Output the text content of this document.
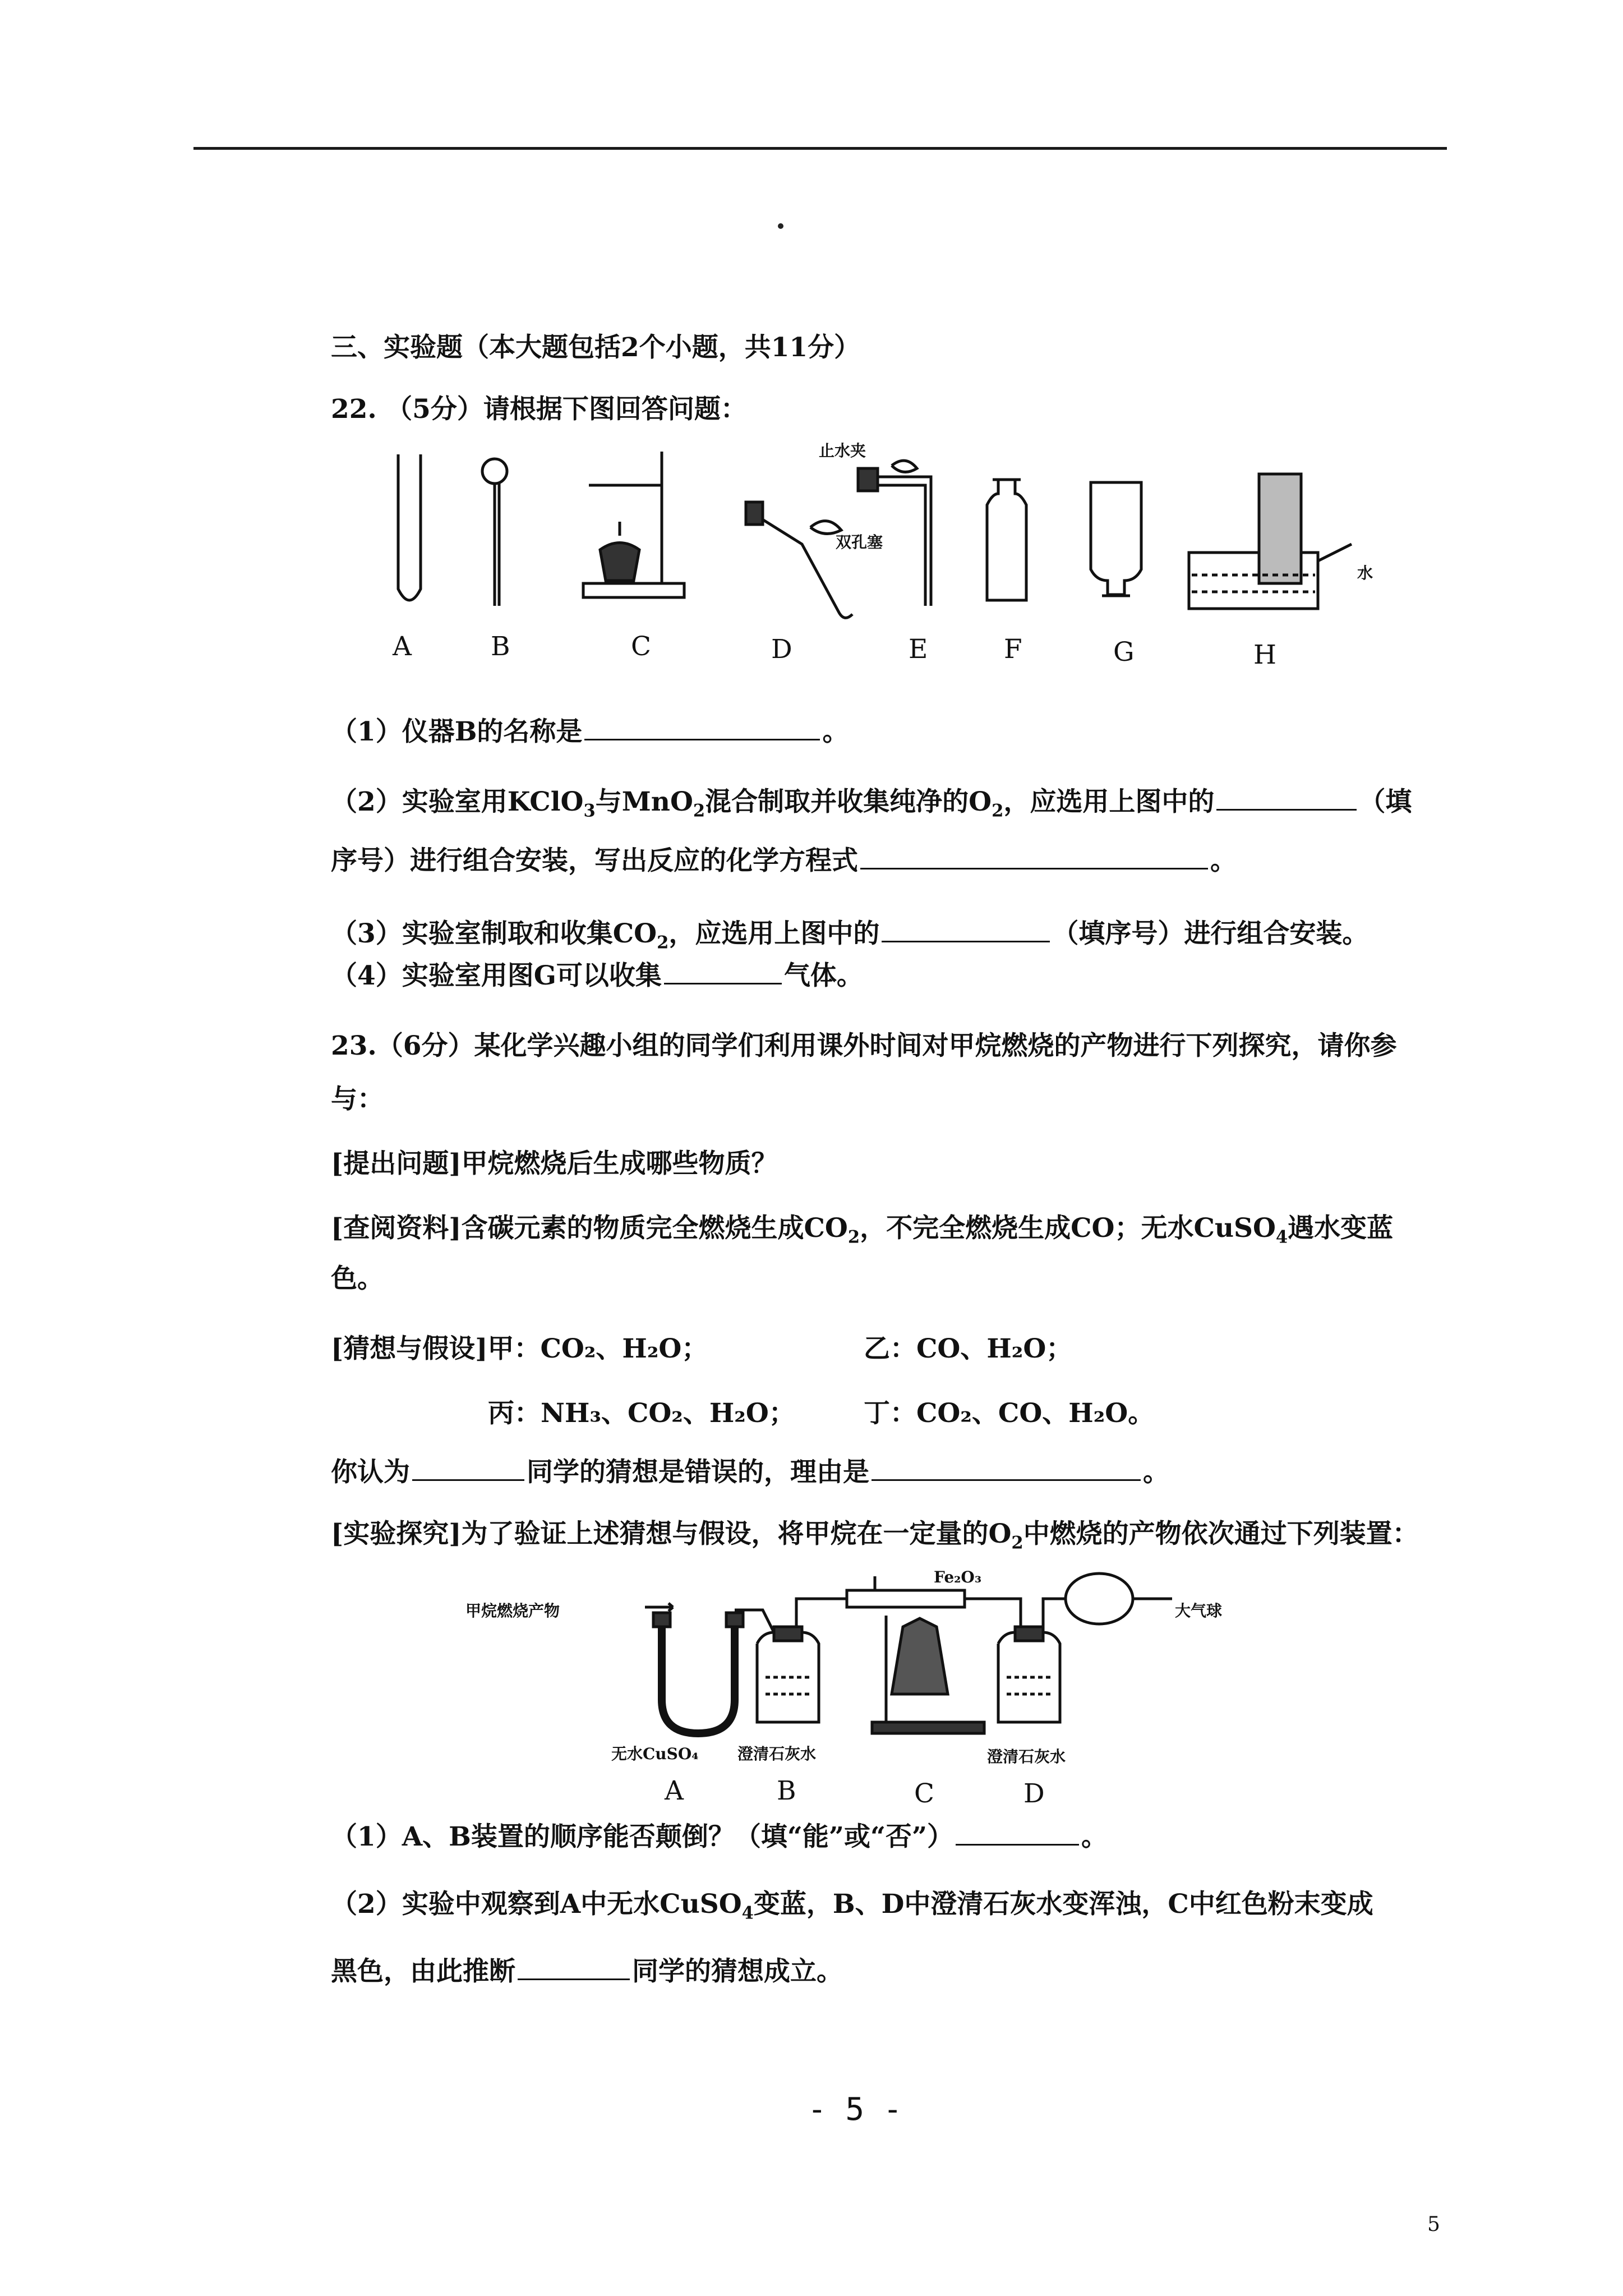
三、实验题（本大题包括2个小题，共11分）
22. （5分）请根据下图回答问题：
止水夹
双孔塞
水
A	B	C	D	E	F	G	H
（1）仪器B的名称是	。
（2）实验室用KClO$_3$与MnO$_2$混合制取并收集纯净的$O_2$，应选用上图中的	（填
序号）进行组合安装，写出反应的化学方程式	。
（3）实验室制取和收集$CO_2$，应选用上图中的	（填序号）进行组合安装。
（4）实验室用图G可以收集	气体。
23.（6分）某化学兴趣小组的同学们利用课外时间对甲烷燃烧的产物进行下列探究，请你参
与：
[提出问题]甲烷燃烧后生成哪些物质？
[查阅资料]含碳元素的物质完全燃烧生成$CO_2$，不完全燃烧生成CO；无水CuSO$_4$遇水变蓝
色。
[猜想与假设]甲：CO₂、H₂O；	乙：CO、H₂O；
丙：NH₃、CO₂、H₂O；	丁：CO₂、CO、H₂O。
你认为	同学的猜想是错误的，理由是	。
[实验探究]为了验证上述猜想与假设，将甲烷在一定量的$O_2$中燃烧的产物依次通过下列装置：
甲烷燃烧产物
Fe₂O₃
大气球
无水CuSO₄ 澄清石灰水	澄清石灰水
A	B	C	D
（1）A、B装置的顺序能否颠倒？（填“能”或“否”）	。
（2）实验中观察到A中无水CuSO$_4$变蓝，B、D中澄清石灰水变浑浊，C中红色粉末变成
黑色，由此推断	同学的猜想成立。
- 5 -
5
